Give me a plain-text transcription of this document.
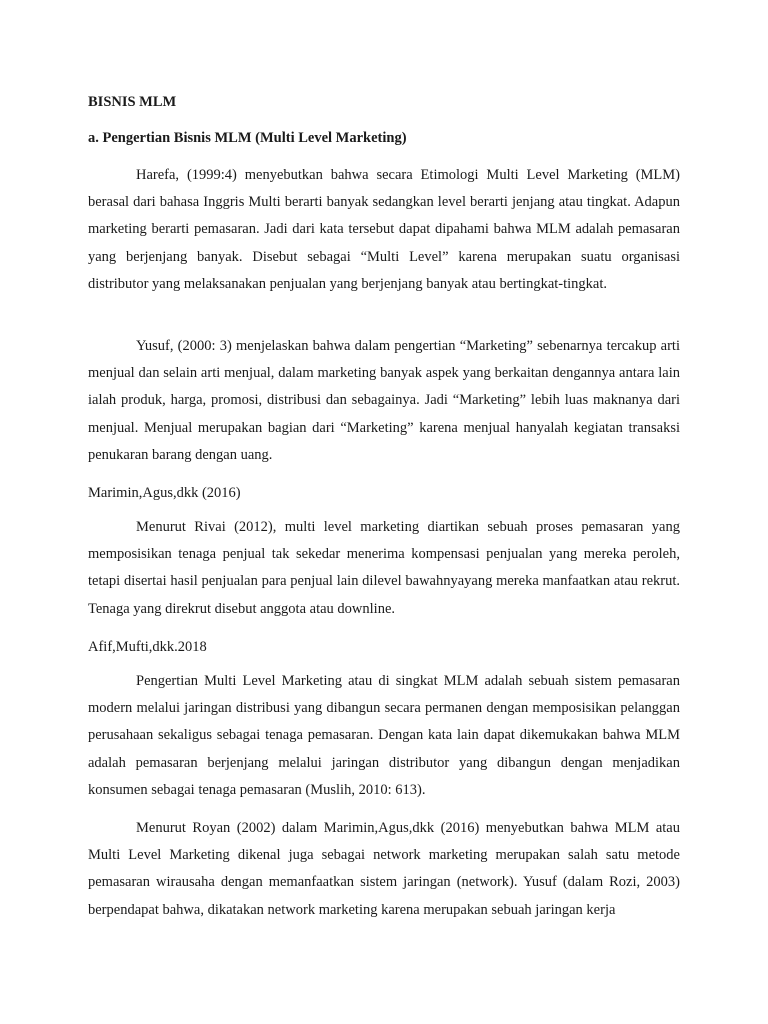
BISNIS MLM
a. Pengertian Bisnis MLM (Multi Level Marketing)

Harefa, (1999:4) menyebutkan bahwa secara Etimologi Multi Level Marketing (MLM) berasal dari bahasa Inggris Multi berarti banyak sedangkan level berarti jenjang atau tingkat. Adapun marketing berarti pemasaran. Jadi dari kata tersebut dapat dipahami bahwa MLM adalah pemasaran yang berjenjang banyak. Disebut sebagai “Multi Level” karena merupakan suatu organisasi distributor yang melaksanakan penjualan yang berjenjang banyak atau bertingkat-tingkat.

Yusuf, (2000: 3) menjelaskan bahwa dalam pengertian “Marketing” sebenarnya tercakup arti menjual dan selain arti menjual, dalam marketing banyak aspek yang berkaitan dengannya antara lain ialah produk, harga, promosi, distribusi dan sebagainya. Jadi “Marketing” lebih luas maknanya dari menjual. Menjual merupakan bagian dari “Marketing” karena menjual hanyalah kegiatan transaksi penukaran barang dengan uang.

Marimin,Agus,dkk (2016)

Menurut Rivai (2012), multi level marketing diartikan sebuah proses pemasaran yang memposisikan tenaga penjual tak sekedar menerima kompensasi penjualan yang mereka peroleh, tetapi disertai hasil penjualan para penjual lain dilevel bawahnyayang mereka manfaatkan atau rekrut. Tenaga yang direkrut disebut anggota atau downline.

Afif,Mufti,dkk.2018

Pengertian Multi Level Marketing atau di singkat MLM adalah sebuah sistem pemasaran modern melalui jaringan distribusi yang dibangun secara permanen dengan memposisikan pelanggan perusahaan sekaligus sebagai tenaga pemasaran. Dengan kata lain dapat dikemukakan bahwa MLM adalah pemasaran berjenjang melalui jaringan distributor yang dibangun dengan menjadikan konsumen sebagai tenaga pemasaran (Muslih, 2010: 613).

Menurut Royan (2002) dalam Marimin,Agus,dkk (2016) menyebutkan bahwa MLM atau Multi Level Marketing dikenal juga sebagai network marketing merupakan salah satu metode pemasaran wirausaha dengan memanfaatkan sistem jaringan (network). Yusuf (dalam Rozi, 2003) berpendapat bahwa, dikatakan network marketing karena merupakan sebuah jaringan kerja
